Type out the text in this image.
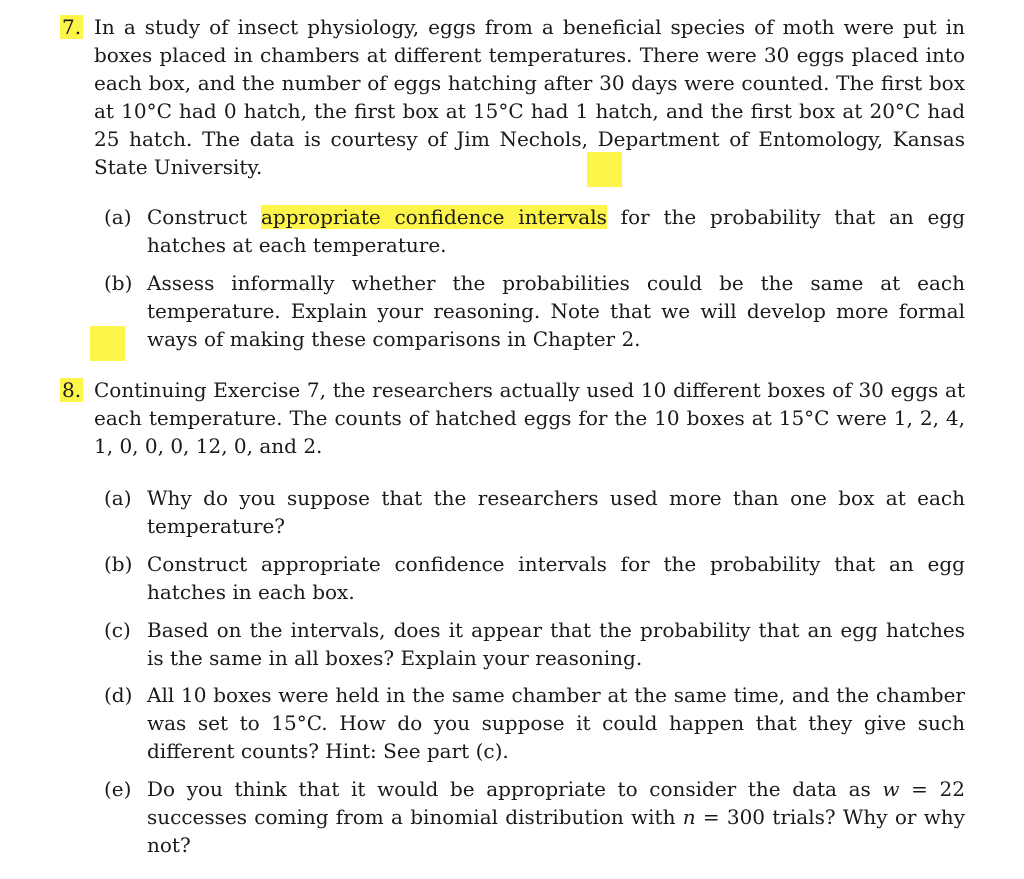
7. In a study of insect physiology, eggs from a beneficial species of moth were put in boxes placed in chambers at different temperatures. There were 30 eggs placed into each box, and the number of eggs hatching after 30 days were counted. The first box at 10°C had 0 hatch, the first box at 15°C had 1 hatch, and the first box at 20°C had 25 hatch. The data is courtesy of Jim Nechols, Department of Entomology, Kansas State University.
(a) Construct appropriate confidence intervals for the probability that an egg hatches at each temperature.
(b) Assess informally whether the probabilities could be the same at each temperature. Explain your reasoning. Note that we will develop more formal ways of making these comparisons in Chapter 2.
8. Continuing Exercise 7, the researchers actually used 10 different boxes of 30 eggs at each temperature. The counts of hatched eggs for the 10 boxes at 15°C were 1, 2, 4, 1, 0, 0, 0, 12, 0, and 2.
(a) Why do you suppose that the researchers used more than one box at each temperature?
(b) Construct appropriate confidence intervals for the probability that an egg hatches in each box.
(c) Based on the intervals, does it appear that the probability that an egg hatches is the same in all boxes? Explain your reasoning.
(d) All 10 boxes were held in the same chamber at the same time, and the chamber was set to 15°C. How do you suppose it could happen that they give such different counts? Hint: See part (c).
(e) Do you think that it would be appropriate to consider the data as w = 22 successes coming from a binomial distribution with n = 300 trials? Why or why not?
